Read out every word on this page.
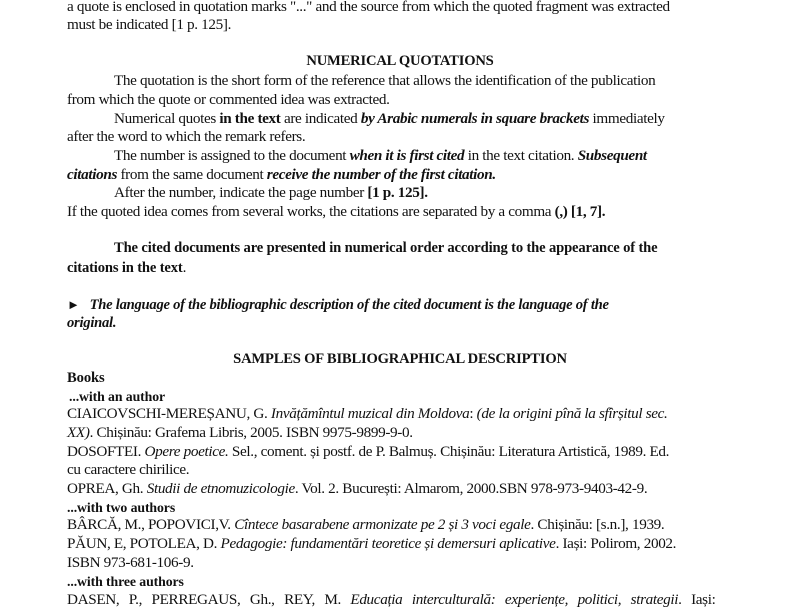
a quote is enclosed in quotation marks "..." and the source from which the quoted fragment was extracted
must be indicated [1 p. 125].
NUMERICAL QUOTATIONS
The quotation is the short form of the reference that allows the identification of the publication
from which the quote or commented idea was extracted.
Numerical quotes in the text are indicated by Arabic numerals in square brackets immediately
after the word to which the remark refers.
The number is assigned to the document when it is first cited in the text citation. Subsequent
citations from the same document receive the number of the first citation.
After the number, indicate the page number [1 p. 125].
If the quoted idea comes from several works, the citations are separated by a comma (,) [1, 7].
The cited documents are presented in numerical order according to the appearance of the
citations in the text.
► The language of the bibliographic description of the cited document is the language of the
original.
SAMPLES OF BIBLIOGRAPHICAL DESCRIPTION
Books
...with an author
CIAICOVSCHI-MEREȘANU, G. Invățămîntul muzical din Moldova: (de la origini pînă la sfîrșitul sec.
XX). Chișinău: Grafema Libris, 2005. ISBN 9975-9899-9-0.
DOSOFTEI. Opere poetice. Sel., coment. și postf. de P. Balmuș. Chișinău: Literatura Artistică, 1989. Ed.
cu caractere chirilice.
OPREA, Gh. Studii de etnomuzicologie. Vol. 2. București: Almarom, 2000.SBN 978-973-9403-42-9.
...with two authors
BÂRCĂ, M., POPOVICI,V. Cîntece basarabene armonizate pe 2 și 3 voci egale. Chișinău: [s.n.], 1939.
PĂUN, E, POTOLEA, D. Pedagogie: fundamentări teoretice și demersuri aplicative. Iași: Polirom, 2002.
ISBN 973-681-106-9.
...with three authors
DASEN, P., PERREGAUS, Gh., REY, M. Educația interculturală: experiențe, politici, strategii. Iași:
